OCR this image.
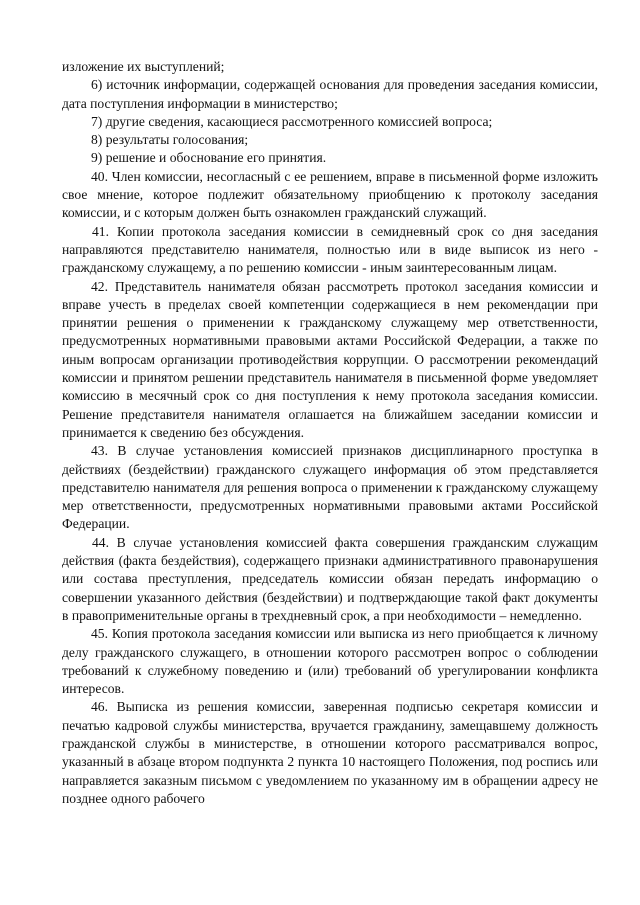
изложение их выступлений;

6) источник информации, содержащей основания для проведения заседания комиссии, дата поступления информации в министерство;

7) другие сведения, касающиеся рассмотренного комиссией вопроса;

8) результаты голосования;

9) решение и обоснование его принятия.

40. Член комиссии, несогласный с ее решением, вправе в письменной форме изложить свое мнение, которое подлежит обязательному приобщению к протоколу заседания комиссии, и с которым должен быть ознакомлен гражданский служащий.

41. Копии протокола заседания комиссии в семидневный срок со дня заседания направляются представителю нанимателя, полностью или в виде выписок из него - гражданскому служащему, а по решению комиссии - иным заинтересованным лицам.

42. Представитель нанимателя обязан рассмотреть протокол заседания комиссии и вправе учесть в пределах своей компетенции содержащиеся в нем рекомендации при принятии решения о применении к гражданскому служащему мер ответственности, предусмотренных нормативными правовыми актами Российской Федерации, а также по иным вопросам организации противодействия коррупции. О рассмотрении рекомендаций комиссии и принятом решении представитель нанимателя в письменной форме уведомляет комиссию в месячный срок со дня поступления к нему протокола заседания комиссии. Решение представителя нанимателя оглашается на ближайшем заседании комиссии и принимается к сведению без обсуждения.

43. В случае установления комиссией признаков дисциплинарного проступка в действиях (бездействии) гражданского служащего информация об этом представляется представителю нанимателя для решения вопроса о применении к гражданскому служащему мер ответственности, предусмотренных нормативными правовыми актами Российской Федерации.

44. В случае установления комиссией факта совершения гражданским служащим действия (факта бездействия), содержащего признаки административного правонарушения или состава преступления, председатель комиссии обязан передать информацию о совершении указанного действия (бездействии) и подтверждающие такой факт документы в правоприменительные органы в трехдневный срок, а при необходимости – немедленно.

45. Копия протокола заседания комиссии или выписка из него приобщается к личному делу гражданского служащего, в отношении которого рассмотрен вопрос о соблюдении требований к служебному поведению и (или) требований об урегулировании конфликта интересов.

46. Выписка из решения комиссии, заверенная подписью секретаря комиссии и печатью кадровой службы министерства, вручается гражданину, замещавшему должность гражданской службы в министерстве, в отношении которого рассматривался вопрос, указанный в абзаце втором подпункта 2 пункта 10 настоящего Положения, под роспись или направляется заказным письмом с уведомлением по указанному им в обращении адресу не позднее одного рабочего
